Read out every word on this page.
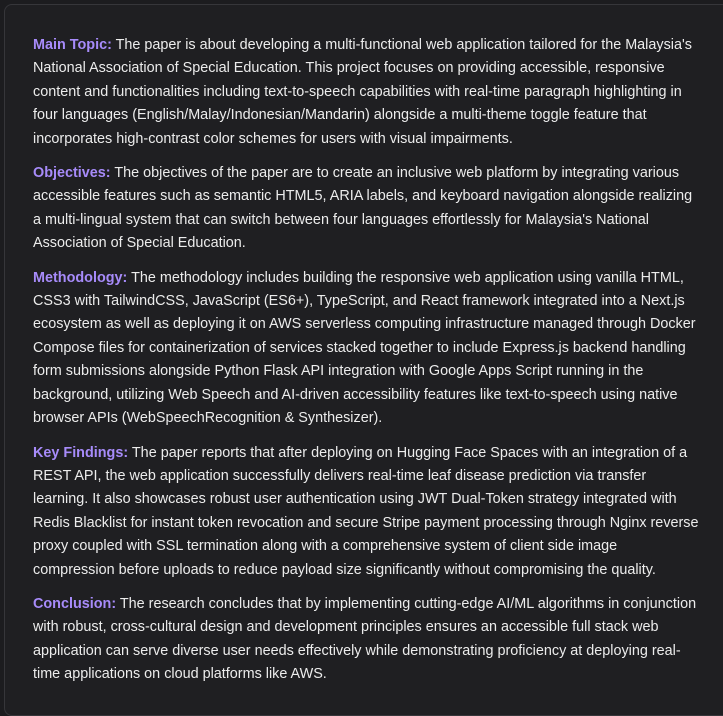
Main Topic: The paper is about developing a multi-functional web application tailored for the Malaysia's National Association of Special Education. This project focuses on providing accessible, responsive content and functionalities including text-to-speech capabilities with real-time paragraph highlighting in four languages (English/Malay/Indonesian/Mandarin) alongside a multi-theme toggle feature that incorporates high-contrast color schemes for users with visual impairments.

Objectives: The objectives of the paper are to create an inclusive web platform by integrating various accessible features such as semantic HTML5, ARIA labels, and keyboard navigation alongside realizing a multi-lingual system that can switch between four languages effortlessly for Malaysia's National Association of Special Education.

Methodology: The methodology includes building the responsive web application using vanilla HTML, CSS3 with TailwindCSS, JavaScript (ES6+), TypeScript, and React framework integrated into a Next.js ecosystem as well as deploying it on AWS serverless computing infrastructure managed through Docker Compose files for containerization of services stacked together to include Express.js backend handling form submissions alongside Python Flask API integration with Google Apps Script running in the background, utilizing Web Speech and AI-driven accessibility features like text-to-speech using native browser APIs (WebSpeechRecognition & Synthesizer).

Key Findings: The paper reports that after deploying on Hugging Face Spaces with an integration of a REST API, the web application successfully delivers real-time leaf disease prediction via transfer learning. It also showcases robust user authentication using JWT Dual-Token strategy integrated with Redis Blacklist for instant token revocation and secure Stripe payment processing through Nginx reverse proxy coupled with SSL termination along with a comprehensive system of client side image compression before uploads to reduce payload size significantly without compromising the quality.

Conclusion: The research concludes that by implementing cutting-edge AI/ML algorithms in conjunction with robust, cross-cultural design and development principles ensures an accessible full stack web application can serve diverse user needs effectively while demonstrating proficiency at deploying real-time applications on cloud platforms like AWS.
